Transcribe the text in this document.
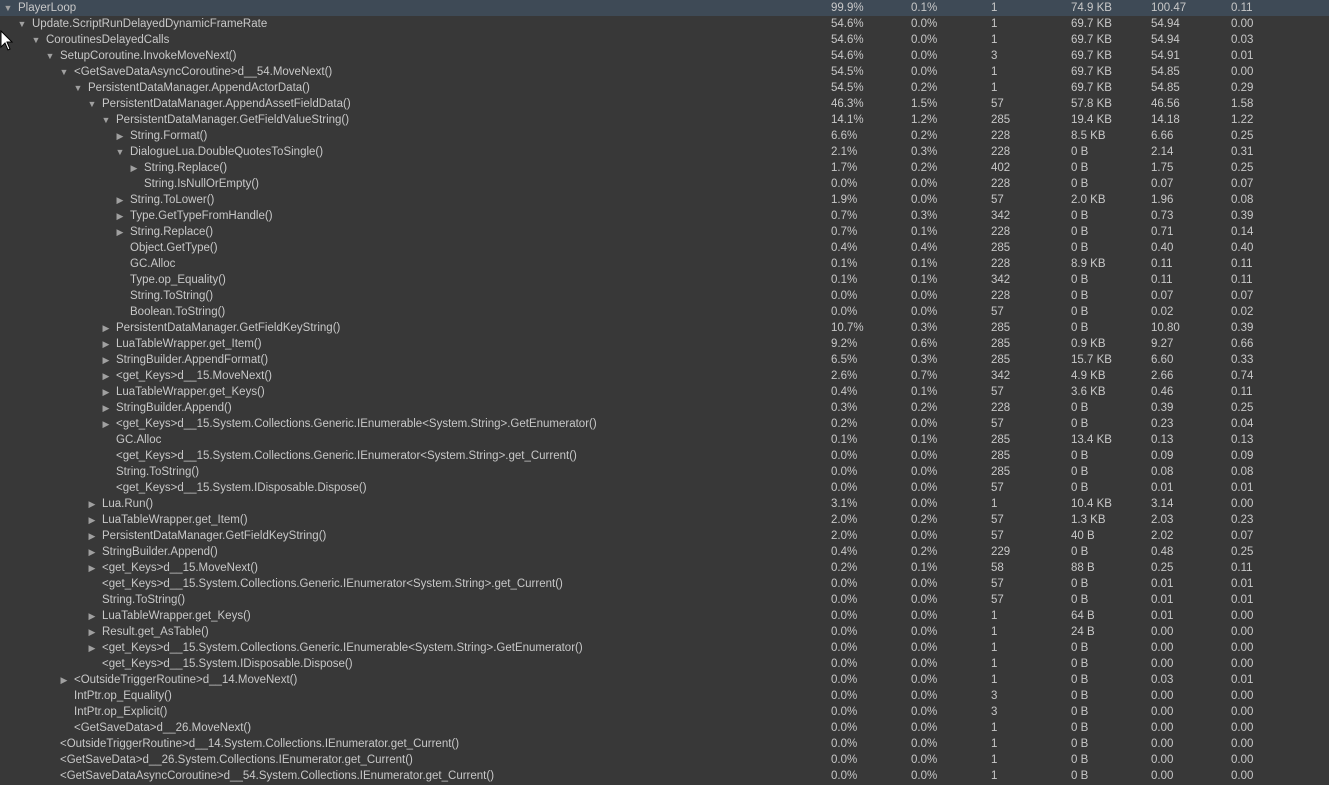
▼ PlayerLoop	99.9%	0.1%	1	74.9 KB	100.47	0.11
▼ Update.ScriptRunDelayedDynamicFrameRate	54.6%	0.0%	1	69.7 KB	54.94	0.00
▼ CoroutinesDelayedCalls	54.6%	0.0%	1	69.7 KB	54.94	0.03
▼ SetupCoroutine.InvokeMoveNext()	54.6%	0.0%	3	69.7 KB	54.91	0.01
▼ <GetSaveDataAsyncCoroutine>d__54.MoveNext()	54.5%	0.0%	1	69.7 KB	54.85	0.00
▼ PersistentDataManager.AppendActorData()	54.5%	0.2%	1	69.7 KB	54.85	0.29
▼ PersistentDataManager.AppendAssetFieldData()	46.3%	1.5%	57	57.8 KB	46.56	1.58
▼ PersistentDataManager.GetFieldValueString()	14.1%	1.2%	285	19.4 KB	14.18	1.22
▶ String.Format()	6.6%	0.2%	228	8.5 KB	6.66	0.25
▼ DialogueLua.DoubleQuotesToSingle()	2.1%	0.3%	228	0 B	2.14	0.31
▶ String.Replace()	1.7%	0.2%	402	0 B	1.75	0.25
String.IsNullOrEmpty()	0.0%	0.0%	228	0 B	0.07	0.07
▶ String.ToLower()	1.9%	0.0%	57	2.0 KB	1.96	0.08
▶ Type.GetTypeFromHandle()	0.7%	0.3%	342	0 B	0.73	0.39
▶ String.Replace()	0.7%	0.1%	228	0 B	0.71	0.14
Object.GetType()	0.4%	0.4%	285	0 B	0.40	0.40
GC.Alloc	0.1%	0.1%	228	8.9 KB	0.11	0.11
Type.op_Equality()	0.1%	0.1%	342	0 B	0.11	0.11
String.ToString()	0.0%	0.0%	228	0 B	0.07	0.07
Boolean.ToString()	0.0%	0.0%	57	0 B	0.02	0.02
▶ PersistentDataManager.GetFieldKeyString()	10.7%	0.3%	285	0 B	10.80	0.39
▶ LuaTableWrapper.get_Item()	9.2%	0.6%	285	0.9 KB	9.27	0.66
▶ StringBuilder.AppendFormat()	6.5%	0.3%	285	15.7 KB	6.60	0.33
▶ <get_Keys>d__15.MoveNext()	2.6%	0.7%	342	4.9 KB	2.66	0.74
▶ LuaTableWrapper.get_Keys()	0.4%	0.1%	57	3.6 KB	0.46	0.11
▶ StringBuilder.Append()	0.3%	0.2%	228	0 B	0.39	0.25
▶ <get_Keys>d__15.System.Collections.Generic.IEnumerable<System.String>.GetEnumerator()	0.2%	0.0%	57	0 B	0.23	0.04
GC.Alloc	0.1%	0.1%	285	13.4 KB	0.13	0.13
<get_Keys>d__15.System.Collections.Generic.IEnumerator<System.String>.get_Current()	0.0%	0.0%	285	0 B	0.09	0.09
String.ToString()	0.0%	0.0%	285	0 B	0.08	0.08
<get_Keys>d__15.System.IDisposable.Dispose()	0.0%	0.0%	57	0 B	0.01	0.01
▶ Lua.Run()	3.1%	0.0%	1	10.4 KB	3.14	0.00
▶ LuaTableWrapper.get_Item()	2.0%	0.2%	57	1.3 KB	2.03	0.23
▶ PersistentDataManager.GetFieldKeyString()	2.0%	0.0%	57	40 B	2.02	0.07
▶ StringBuilder.Append()	0.4%	0.2%	229	0 B	0.48	0.25
▶ <get_Keys>d__15.MoveNext()	0.2%	0.1%	58	88 B	0.25	0.11
<get_Keys>d__15.System.Collections.Generic.IEnumerator<System.String>.get_Current()	0.0%	0.0%	57	0 B	0.01	0.01
String.ToString()	0.0%	0.0%	57	0 B	0.01	0.01
▶ LuaTableWrapper.get_Keys()	0.0%	0.0%	1	64 B	0.01	0.00
▶ Result.get_AsTable()	0.0%	0.0%	1	24 B	0.00	0.00
▶ <get_Keys>d__15.System.Collections.Generic.IEnumerable<System.String>.GetEnumerator()	0.0%	0.0%	1	0 B	0.00	0.00
<get_Keys>d__15.System.IDisposable.Dispose()	0.0%	0.0%	1	0 B	0.00	0.00
▶ <OutsideTriggerRoutine>d__14.MoveNext()	0.0%	0.0%	1	0 B	0.03	0.01
IntPtr.op_Equality()	0.0%	0.0%	3	0 B	0.00	0.00
IntPtr.op_Explicit()	0.0%	0.0%	3	0 B	0.00	0.00
<GetSaveData>d__26.MoveNext()	0.0%	0.0%	1	0 B	0.00	0.00
<OutsideTriggerRoutine>d__14.System.Collections.IEnumerator.get_Current()	0.0%	0.0%	1	0 B	0.00	0.00
<GetSaveData>d__26.System.Collections.IEnumerator.get_Current()	0.0%	0.0%	1	0 B	0.00	0.00
<GetSaveDataAsyncCoroutine>d__54.System.Collections.IEnumerator.get_Current()	0.0%	0.0%	1	0 B	0.00	0.00
